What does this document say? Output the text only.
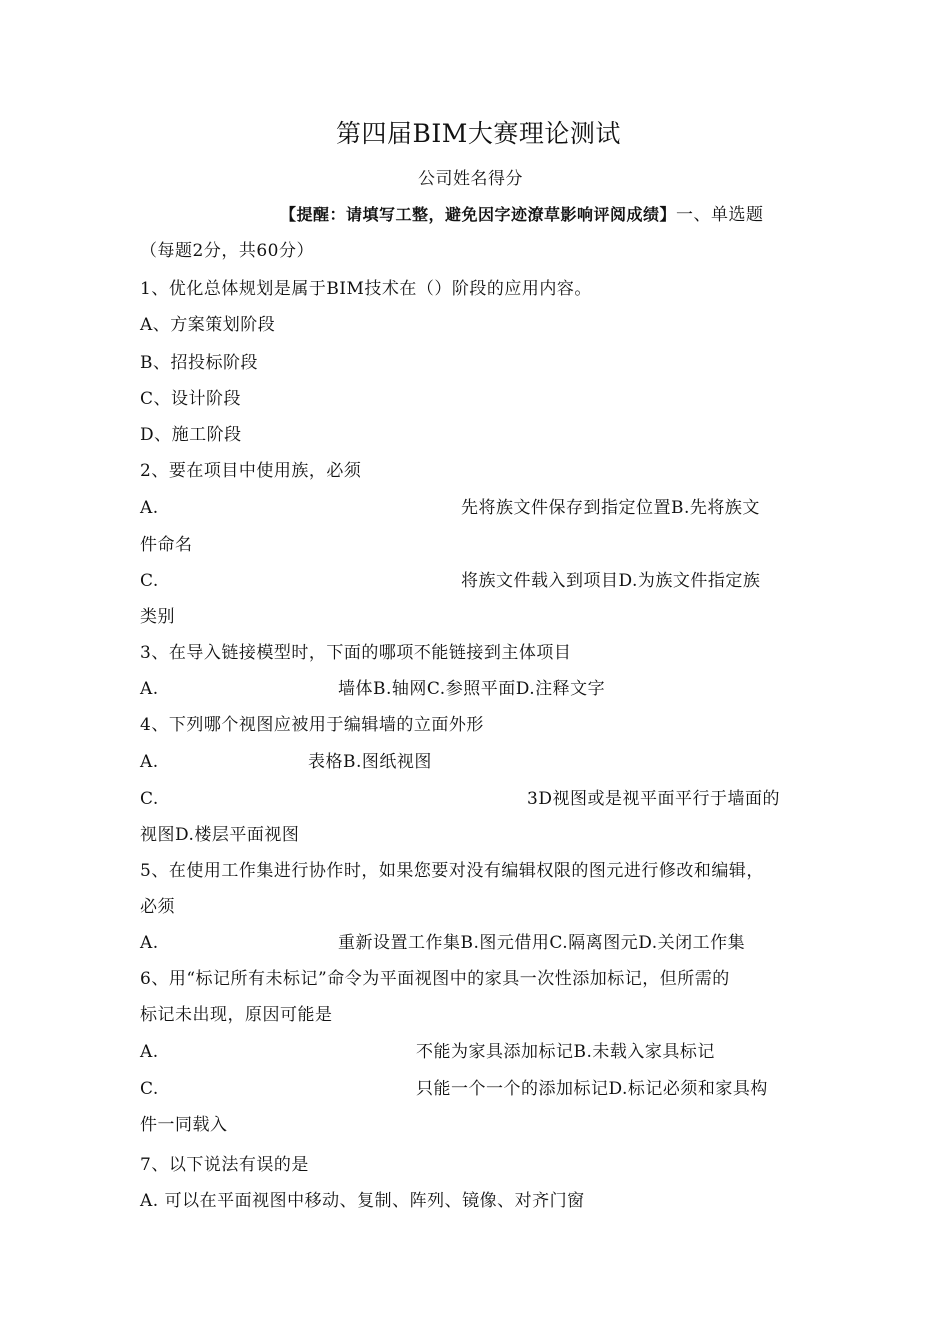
第四届BIM大赛理论测试
公司姓名得分
【提醒：请填写工整，避免因字迹潦草影响评阅成绩】一、单选题
（每题2分，共60分）
1、优化总体规划是属于BIM技术在（）阶段的应用内容。
A、方案策划阶段
B、招投标阶段
C、设计阶段
D、施工阶段
2、要在项目中使用族，必须
A.	先将族文件保存到指定位置B.先将族文
件命名
C.	将族文件载入到项目D.为族文件指定族
类别
3、在导入链接模型时，下面的哪项不能链接到主体项目
A.	墙体B.轴网C.参照平面D.注释文字
4、下列哪个视图应被用于编辑墙的立面外形
A.	表格B.图纸视图
C.	3D视图或是视平面平行于墙面的
视图D.楼层平面视图
5、在使用工作集进行协作时，如果您要对没有编辑权限的图元进行修改和编辑，
必须
A.	重新设置工作集B.图元借用C.隔离图元D.关闭工作集
6、用“标记所有未标记”命令为平面视图中的家具一次性添加标记，但所需的
标记未出现，原因可能是
A.	不能为家具添加标记B.未载入家具标记
C.	只能一个一个的添加标记D.标记必须和家具构
件一同载入
7、以下说法有误的是
A. 可以在平面视图中移动、复制、阵列、镜像、对齐门窗
